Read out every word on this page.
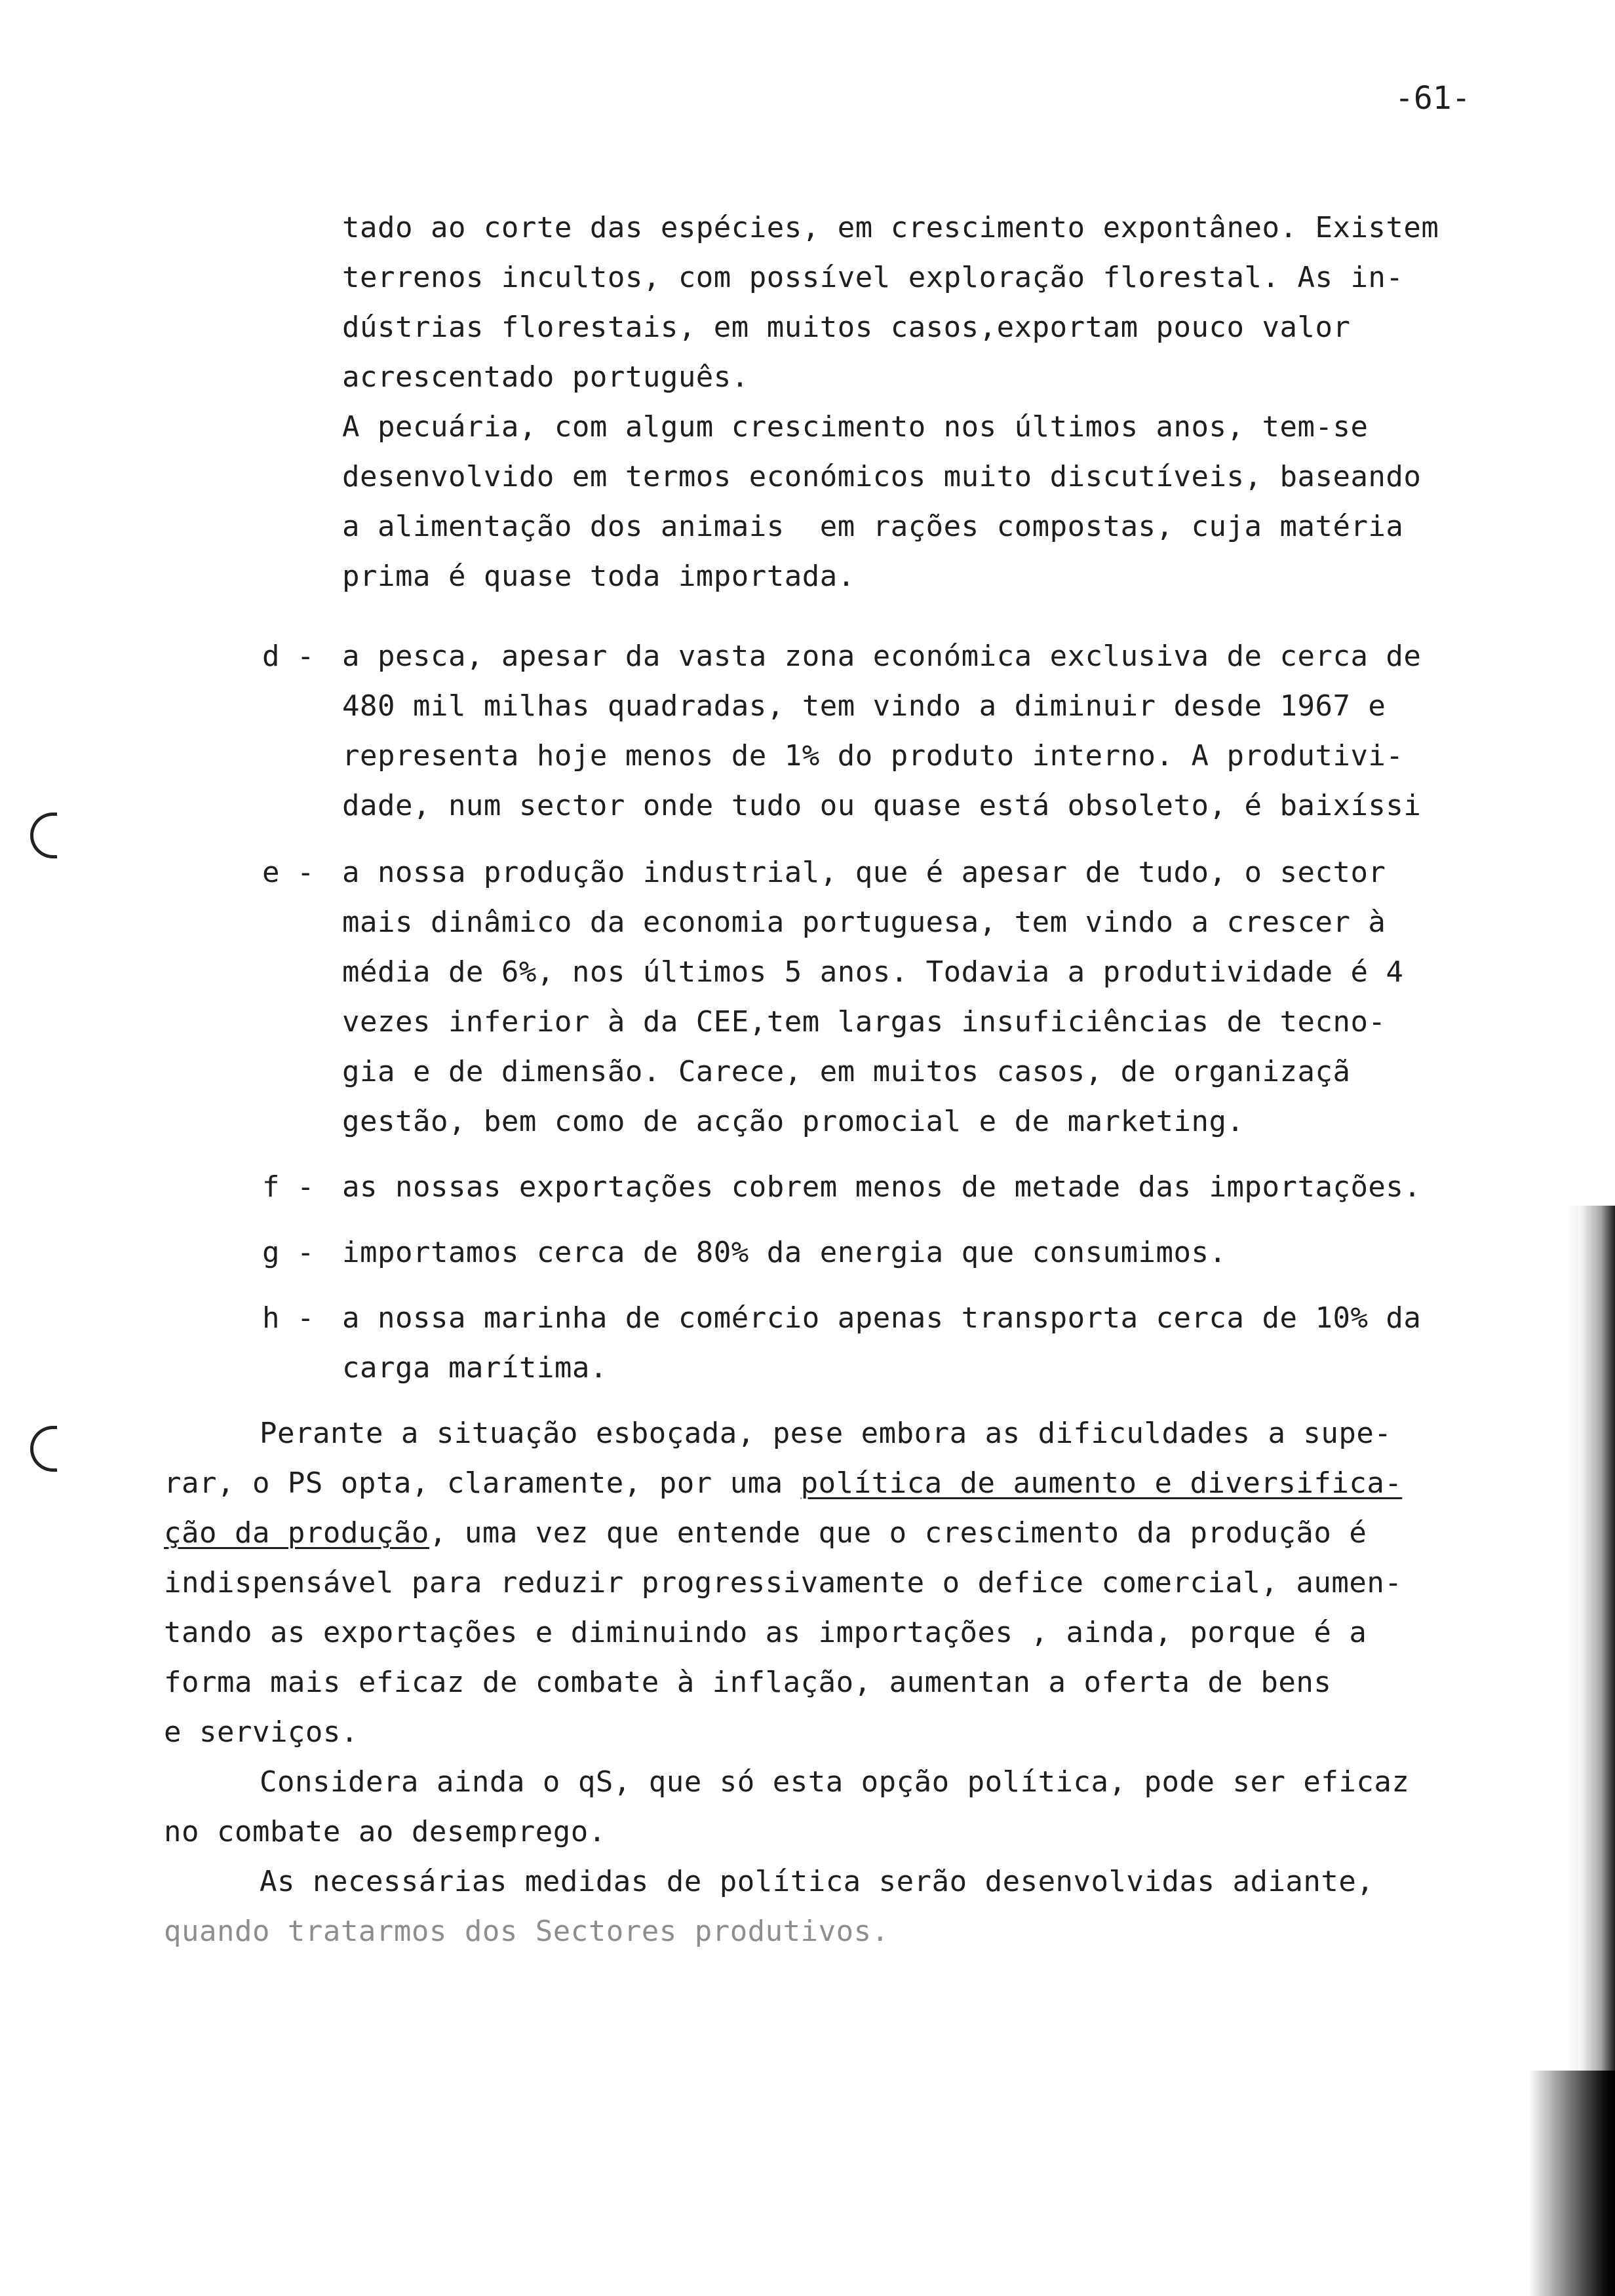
-61-
tado ao corte das espécies, em crescimento expontâneo. Existem
terrenos incultos, com possível exploração florestal. As in-
dústrias florestais, em muitos casos,exportam pouco valor
acrescentado português.
A pecuária, com algum crescimento nos últimos anos, tem-se
desenvolvido em termos económicos muito discutíveis, baseando
a alimentação dos animais  em rações compostas, cuja matéria
prima é quase toda importada.
d - a pesca, apesar da vasta zona económica exclusiva de cerca de
480 mil milhas quadradas, tem vindo a diminuir desde 1967 e
representa hoje menos de 1% do produto interno. A produtivi-
dade, num sector onde tudo ou quase está obsoleto, é baixíssi
e - a nossa produção industrial, que é apesar de tudo, o sector
mais dinâmico da economia portuguesa, tem vindo a crescer à
média de 6%, nos últimos 5 anos. Todavia a produtividade é 4
vezes inferior à da CEE,tem largas insuficiências de tecno-
gia e de dimensão. Carece, em muitos casos, de organizaçã
gestão, bem como de acção promocial e de marketing.
f - as nossas exportações cobrem menos de metade das importações.
g - importamos cerca de 80% da energia que consumimos.
h - a nossa marinha de comércio apenas transporta cerca de 10% da
carga marítima.
Perante a situação esboçada, pese embora as dificuldades a supe-
rar, o PS opta, claramente, por uma política de aumento e diversifica-
ção da produção, uma vez que entende que o crescimento da produção é
indispensável para reduzir progressivamente o defice comercial, aumen-
tando as exportações e diminuindo as importações , ainda, porque é a
forma mais eficaz de combate à inflação, aumentan a oferta de bens
e serviços.
Considera ainda o qS, que só esta opção política, pode ser eficaz
no combate ao desemprego.
As necessárias medidas de política serão desenvolvidas adiante,
quando tratarmos dos Sectores produtivos.
